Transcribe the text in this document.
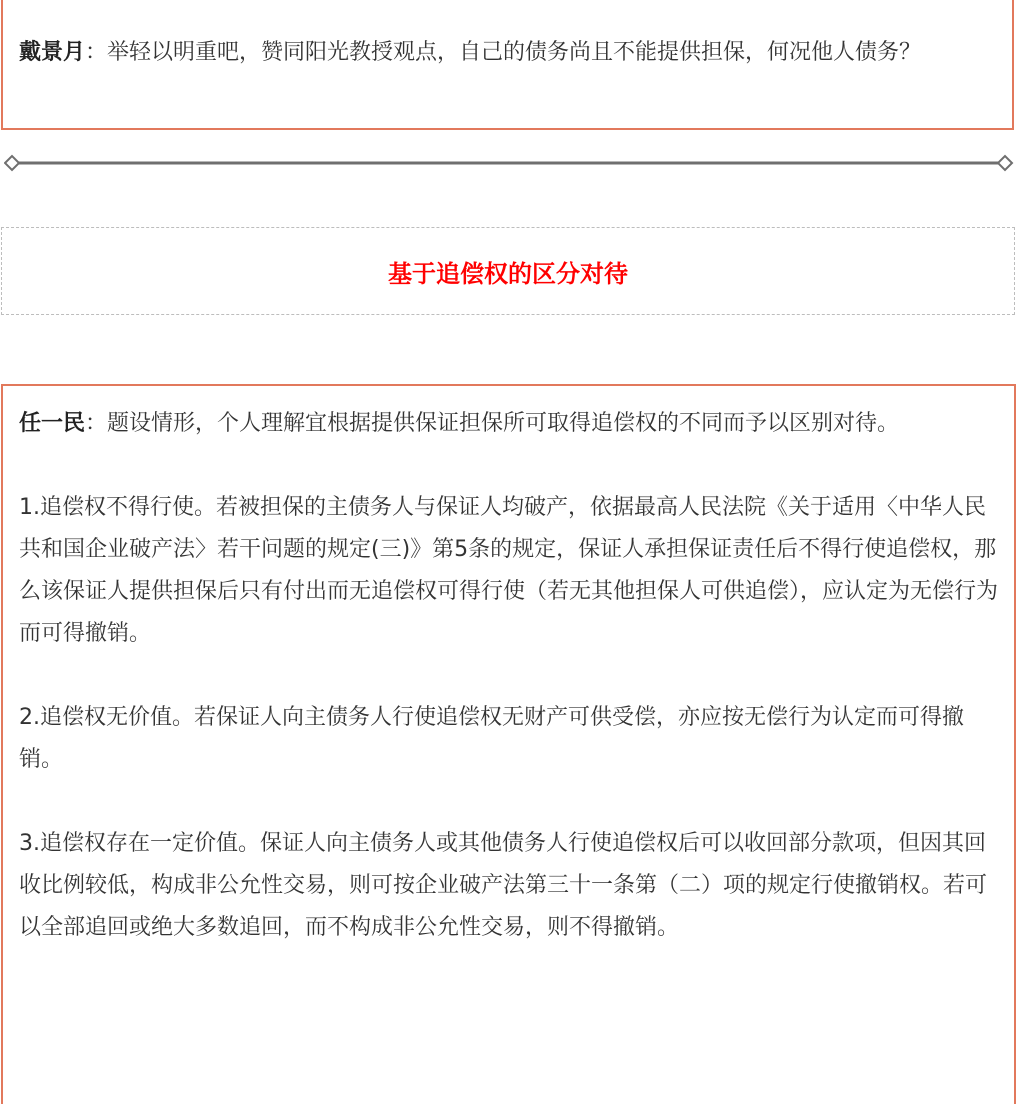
戴景月：举轻以明重吧，赞同阳光教授观点，自己的债务尚且不能提供担保，何况他人债务？

基于追偿权的区分对待

任一民：题设情形，个人理解宜根据提供保证担保所可取得追偿权的不同而予以区别对待。

1.追偿权不得行使。若被担保的主债务人与保证人均破产，依据最高人民法院《关于适用〈中华人民共和国企业破产法〉若干问题的规定(三)》第5条的规定，保证人承担保证责任后不得行使追偿权，那么该保证人提供担保后只有付出而无追偿权可得行使（若无其他担保人可供追偿），应认定为无偿行为而可得撤销。

2.追偿权无价值。若保证人向主债务人行使追偿权无财产可供受偿，亦应按无偿行为认定而可得撤销。

3.追偿权存在一定价值。保证人向主债务人或其他债务人行使追偿权后可以收回部分款项，但因其回收比例较低，构成非公允性交易，则可按企业破产法第三十一条第（二）项的规定行使撤销权。若可以全部追回或绝大多数追回，而不构成非公允性交易，则不得撤销。
